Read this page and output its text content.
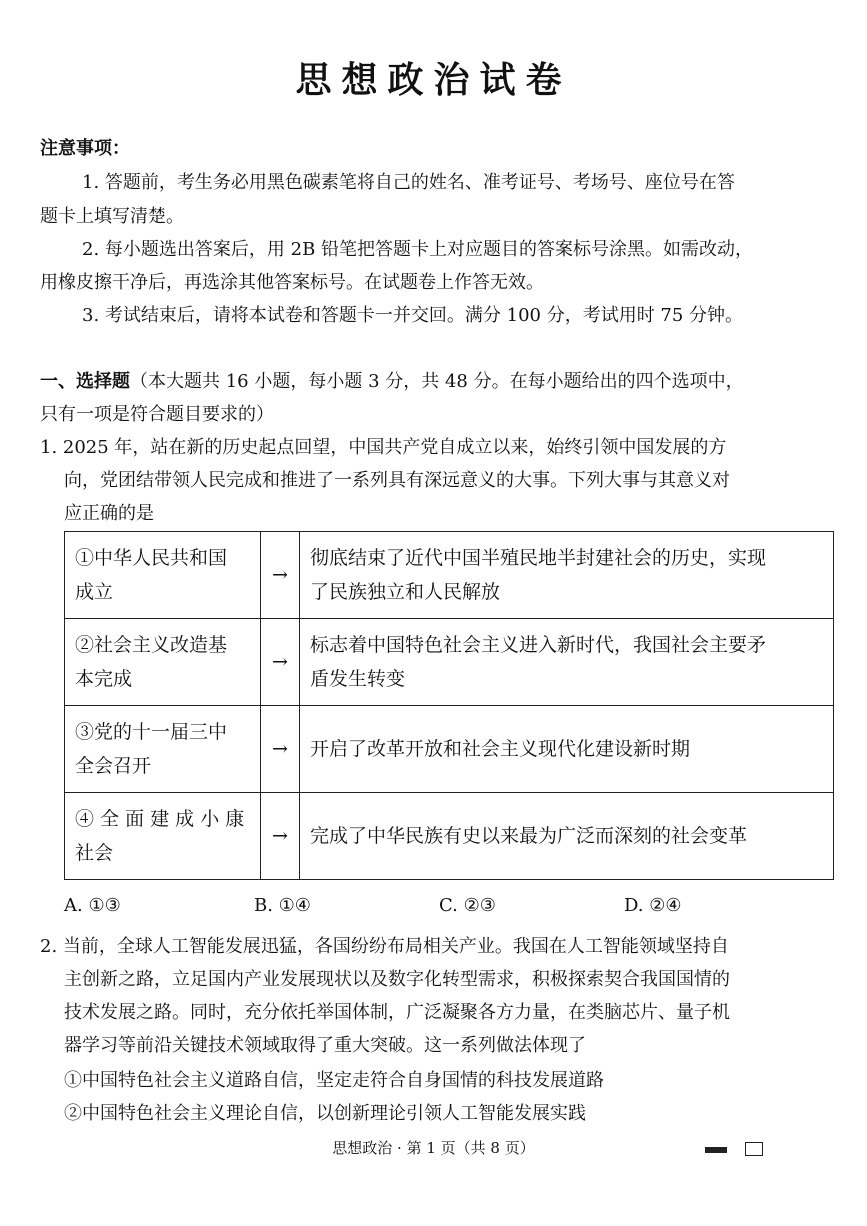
思想政治试卷
注意事项：
1. 答题前，考生务必用黑色碳素笔将自己的姓名、准考证号、考场号、座位号在答
题卡上填写清楚。
2. 每小题选出答案后，用 2B 铅笔把答题卡上对应题目的答案标号涂黑。如需改动，
用橡皮擦干净后，再选涂其他答案标号。在试题卷上作答无效。
3. 考试结束后，请将本试卷和答题卡一并交回。满分 100 分，考试用时 75 分钟。
一、选择题（本大题共 16 小题，每小题 3 分，共 48 分。在每小题给出的四个选项中，
只有一项是符合题目要求的）
1. 2025 年，站在新的历史起点回望，中国共产党自成立以来，始终引领中国发展的方
向，党团结带领人民完成和推进了一系列具有深远意义的大事。下列大事与其意义对
应正确的是
①中华人民共和国
成立	→	彻底结束了近代中国半殖民地半封建社会的历史，实现
了民族独立和人民解放
②社会主义改造基
本完成	→	标志着中国特色社会主义进入新时代，我国社会主要矛
盾发生转变
③党的十一届三中
全会召开	→	开启了改革开放和社会主义现代化建设新时期
④ 全 面 建 成 小 康
社会	→	完成了中华民族有史以来最为广泛而深刻的社会变革
A. ①③	B. ①④	C. ②③	D. ②④
2. 当前，全球人工智能发展迅猛，各国纷纷布局相关产业。我国在人工智能领域坚持自
主创新之路，立足国内产业发展现状以及数字化转型需求，积极探索契合我国国情的
技术发展之路。同时，充分依托举国体制，广泛凝聚各方力量，在类脑芯片、量子机
器学习等前沿关键技术领域取得了重大突破。这一系列做法体现了
①中国特色社会主义道路自信，坚定走符合自身国情的科技发展道路
②中国特色社会主义理论自信，以创新理论引领人工智能发展实践
思想政治 · 第 1 页（共 8 页）
